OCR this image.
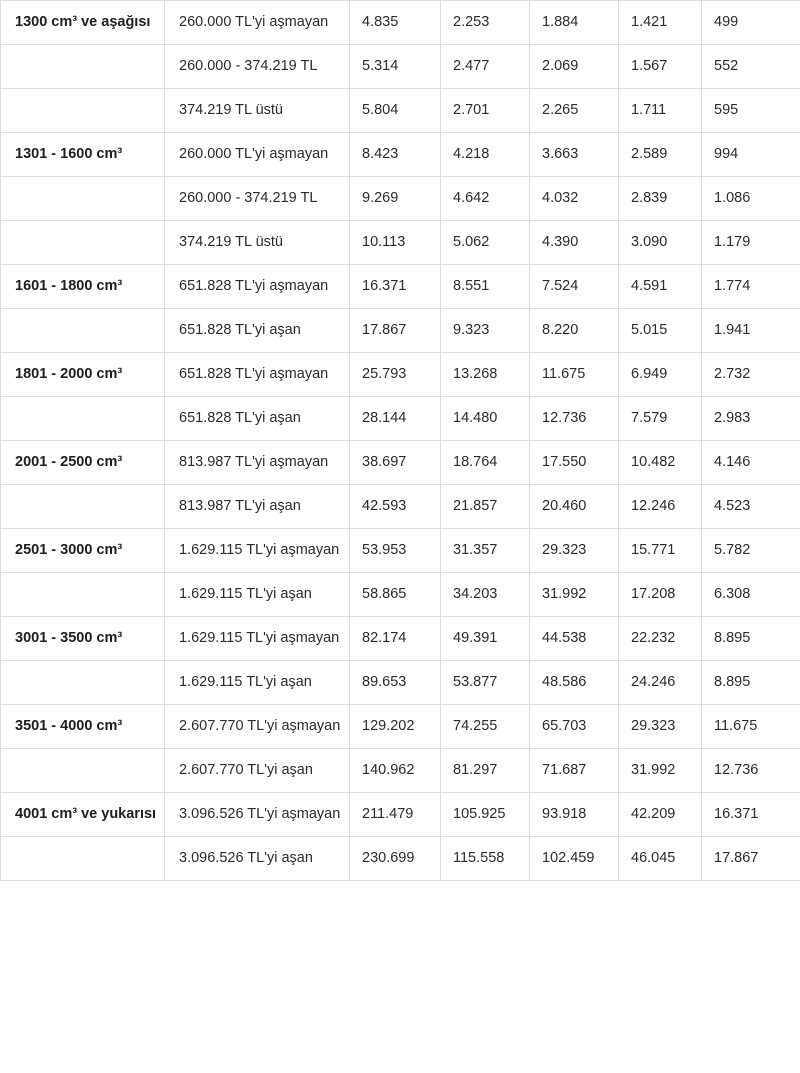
1300 cm³ ve aşağısı	260.000 TL'yi aşmayan	4.835	2.253	1.884	1.421	499
	260.000 - 374.219 TL	5.314	2.477	2.069	1.567	552
	374.219 TL üstü	5.804	2.701	2.265	1.711	595
1301 - 1600 cm³	260.000 TL'yi aşmayan	8.423	4.218	3.663	2.589	994
	260.000 - 374.219 TL	9.269	4.642	4.032	2.839	1.086
	374.219 TL üstü	10.113	5.062	4.390	3.090	1.179
1601 - 1800 cm³	651.828 TL'yi aşmayan	16.371	8.551	7.524	4.591	1.774
	651.828 TL'yi aşan	17.867	9.323	8.220	5.015	1.941
1801 - 2000 cm³	651.828 TL'yi aşmayan	25.793	13.268	11.675	6.949	2.732
	651.828 TL'yi aşan	28.144	14.480	12.736	7.579	2.983
2001 - 2500 cm³	813.987 TL'yi aşmayan	38.697	18.764	17.550	10.482	4.146
	813.987 TL'yi aşan	42.593	21.857	20.460	12.246	4.523
2501 - 3000 cm³	1.629.115 TL'yi aşmayan	53.953	31.357	29.323	15.771	5.782
	1.629.115 TL'yi aşan	58.865	34.203	31.992	17.208	6.308
3001 - 3500 cm³	1.629.115 TL'yi aşmayan	82.174	49.391	44.538	22.232	8.895
	1.629.115 TL'yi aşan	89.653	53.877	48.586	24.246	8.895
3501 - 4000 cm³	2.607.770 TL'yi aşmayan	129.202	74.255	65.703	29.323	11.675
	2.607.770 TL'yi aşan	140.962	81.297	71.687	31.992	12.736
4001 cm³ ve yukarısı	3.096.526 TL'yi aşmayan	211.479	105.925	93.918	42.209	16.371
	3.096.526 TL'yi aşan	230.699	115.558	102.459	46.045	17.867
